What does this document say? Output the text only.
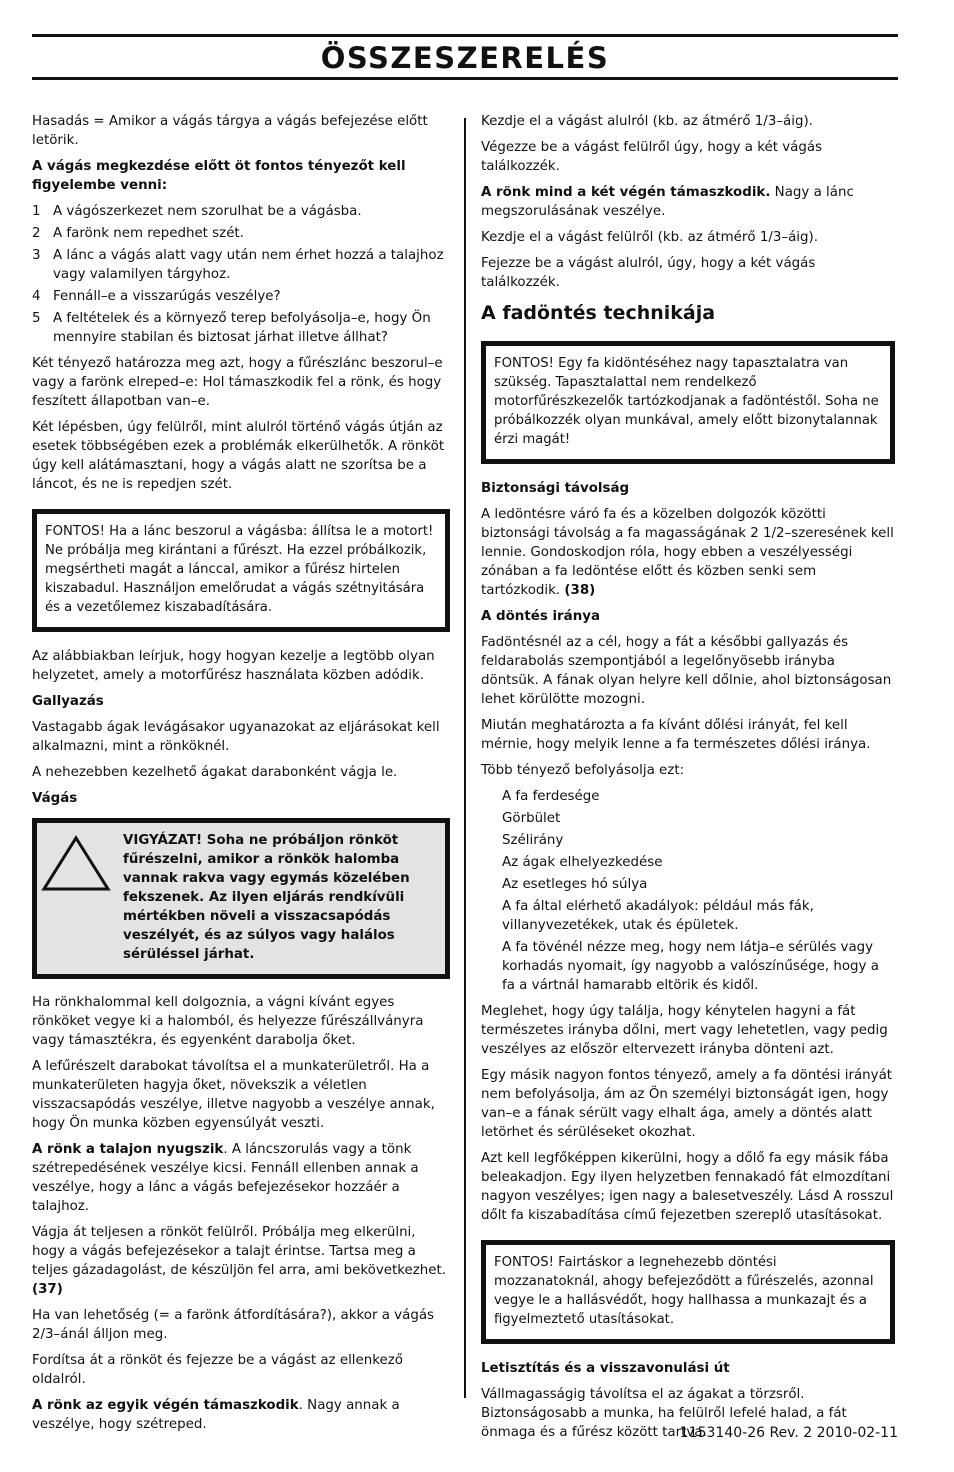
ÖSSZESZERELÉS

Hasadás = Amikor a vágás tárgya a vágás befejezése előtt letörik.

A vágás megkezdése előtt öt fontos tényezőt kell figyelembe venni:

1 A vágószerkezet nem szorulhat be a vágásba.
2 A farönk nem repedhet szét.
3 A lánc a vágás alatt vagy után nem érhet hozzá a talajhoz vagy valamilyen tárgyhoz.
4 Fennáll–e a visszarúgás veszélye?
5 A feltételek és a környező terep befolyásolja–e, hogy Ön mennyire stabilan és biztosat járhat illetve állhat?

Két tényező határozza meg azt, hogy a fűrészlánc beszorul–e vagy a farönk elreped–e: Hol támaszkodik fel a rönk, és hogy feszített állapotban van–e.

Két lépésben, úgy felülről, mint alulról történő vágás útján az esetek többségében ezek a problémák elkerülhetők. A rönköt úgy kell alátámasztani, hogy a vágás alatt ne szorítsa be a láncot, és ne is repedjen szét.

FONTOS! Ha a lánc beszorul a vágásba: állítsa le a motort! Ne próbálja meg kirántani a fűrészt. Ha ezzel próbálkozik, megsértheti magát a lánccal, amikor a fűrész hirtelen kiszabadul. Használjon emelőrudat a vágás szétnyitására és a vezetőlemez kiszabadítására.

Az alábbiakban leírjuk, hogy hogyan kezelje a legtöbb olyan helyzetet, amely a motorfűrész használata közben adódik.

Gallyazás

Vastagabb ágak levágásakor ugyanazokat az eljárásokat kell alkalmazni, mint a rönköknél.

A nehezebben kezelhető ágakat darabonként vágja le.

Vágás

VIGYÁZAT! Soha ne próbáljon rönköt fűrészelni, amikor a rönkök halomba vannak rakva vagy egymás közelében fekszenek. Az ilyen eljárás rendkívüli mértékben növeli a visszacsapódás veszélyét, és az súlyos vagy halálos sérüléssel járhat.

Ha rönkhalommal kell dolgoznia, a vágni kívánt egyes rönköket vegye ki a halomból, és helyezze fűrészállványra vagy támasztékra, és egyenként darabolja őket.

A lefűrészelt darabokat távolítsa el a munkaterületről. Ha a munkaterületen hagyja őket, növekszik a véletlen visszacsapódás veszélye, illetve nagyobb a veszélye annak, hogy Ön munka közben egyensúlyát veszti.

A rönk a talajon nyugszik. A láncszorulás vagy a tönk szétrepedésének veszélye kicsi. Fennáll ellenben annak a veszélye, hogy a lánc a vágás befejezésekor hozzáér a talajhoz.

Vágja át teljesen a rönköt felülről. Próbálja meg elkerülni, hogy a vágás befejezésekor a talajt érintse. Tartsa meg a teljes gázadagolást, de készüljön fel arra, ami bekövetkezhet. (37)

Ha van lehetőség (= a farönk átfordítására?), akkor a vágás 2/3–ánál álljon meg.

Fordítsa át a rönköt és fejezze be a vágást az ellenkező oldalról.

A rönk az egyik végén támaszkodik. Nagy annak a veszélye, hogy szétreped.

Kezdje el a vágást alulról (kb. az átmérő 1/3–áig).

Végezze be a vágást felülről úgy, hogy a két vágás találkozzék.

A rönk mind a két végén támaszkodik. Nagy a lánc megszorulásának veszélye.

Kezdje el a vágást felülről (kb. az átmérő 1/3–áig).

Fejezze be a vágást alulról, úgy, hogy a két vágás találkozzék.

A fadöntés technikája
FONTOS! Egy fa kidöntéséhez nagy tapasztalatra van szükség. Tapasztalattal nem rendelkező motorfűrészkezelők tartózkodjanak a fadöntéstől. Soha ne próbálkozzék olyan munkával, amely előtt bizonytalannak érzi magát!

Biztonsági távolság

A ledöntésre váró fa és a közelben dolgozók közötti biztonsági távolság a fa magasságának 2 1/2–szeresének kell lennie. Gondoskodjon róla, hogy ebben a veszélyességi zónában a fa ledöntése előtt és közben senki sem tartózkodik. (38)

A döntés iránya

Fadöntésnél az a cél, hogy a fát a későbbi gallyazás és feldarabolás szempontjából a legelőnyösebb irányba döntsük. A fának olyan helyre kell dőlnie, ahol biztonságosan lehet körülötte mozogni.

Miután meghatározta a fa kívánt dőlési irányát, fel kell mérnie, hogy melyik lenne a fa természetes dőlési iránya.

Több tényező befolyásolja ezt:

A fa ferdesége

Görbület

Szélirány

Az ágak elhelyezkedése

Az esetleges hó súlya

A fa által elérhető akadályok: például más fák, villanyvezetékek, utak és épületek.

A fa tövénél nézze meg, hogy nem látja–e sérülés vagy korhadás nyomait, így nagyobb a valószínűsége, hogy a fa a vártnál hamarabb eltörik és kidől.

Meglehet, hogy úgy találja, hogy kénytelen hagyni a fát természetes irányba dőlni, mert vagy lehetetlen, vagy pedig veszélyes az először eltervezett irányba dönteni azt.

Egy másik nagyon fontos tényező, amely a fa döntési irányát nem befolyásolja, ám az Ön személyi biztonságát igen, hogy van–e a fának sérült vagy elhalt ága, amely a döntés alatt letörhet és sérüléseket okozhat.

Azt kell legfőképpen kikerülni, hogy a dőlő fa egy másik fába beleakadjon. Egy ilyen helyzetben fennakadó fát elmozdítani nagyon veszélyes; igen nagy a balesetveszély. Lásd A rosszul dőlt fa kiszabadítása című fejezetben szereplő utasításokat.

FONTOS! Fairtáskor a legnehezebb döntési mozzanatoknál, ahogy befejeződött a fűrészelés, azonnal vegye le a hallásvédőt, hogy hallhassa a munkazajt és a figyelmeztető utasításokat.

Letisztítás és a visszavonulási út

Vállmagasságig távolítsa el az ágakat a törzsről. Biztonságosabb a munka, ha felülről lefelé halad, a fát önmaga és a fűrész között tartva.

1153140-26 Rev. 2 2010-02-11
